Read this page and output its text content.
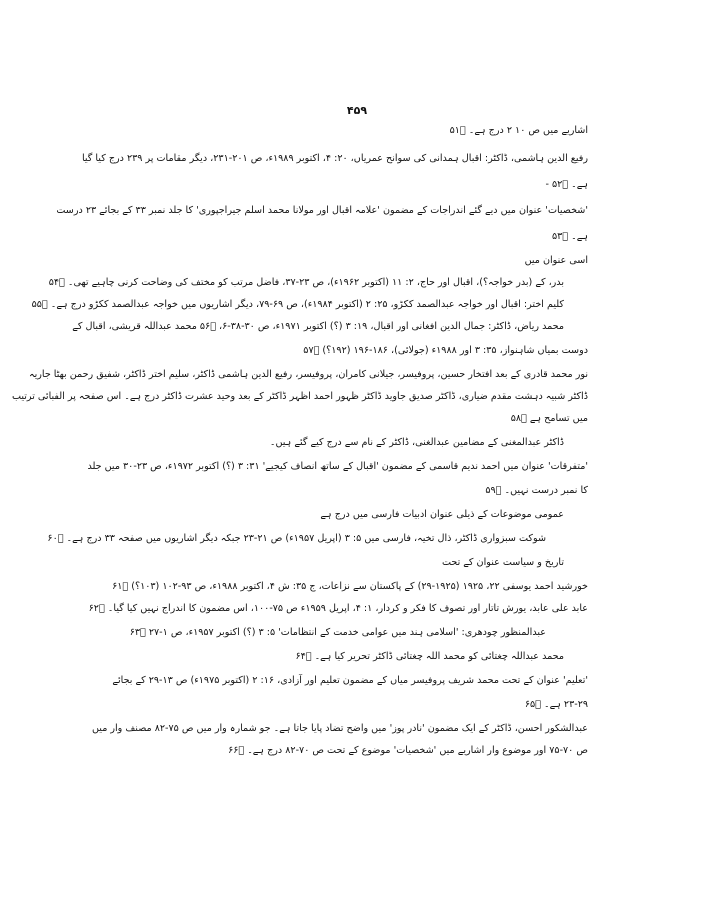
۴۵۹
اشاریے میں ص ۱۰ ۲ درج ہے۔ ۵۱ؔ
رفیع الدین ہاشمی، ڈاکٹر: اقبال ہمدانی کی سوانح عمریاں، ۲۰: ۴، اکتوبر ۱۹۸۹ء، ص ۲۰۱-۲۳۱، دیگر مقامات پر ۲۳۹ درج کیا گیا
ہے۔ ۵۲ؔ -
'شخصیات' عنوان میں دیے گئے اندراجات کے مضمون 'علامہ اقبال اور مولانا محمد اسلم جیراجپوری' کا جلد نمبر ۳۳ کے بجائے ۲۳ درست
ہے۔ ۵۳ؔ
اسی عنوان میں
بدر، کے (بدر خواجہ؟)، اقبال اور حاج، ۲: ۱۱ (اکتوبر ۱۹۶۲ء)، ص ۲۳-۳۷، فاضل مرتب کو مختف کی وضاحت کرنی چاہیے تھی۔ ۵۴ؔ
کلیم اختر: اقبال اور خواجہ عبدالصمد ککڑو، ۲۵: ۲ (اکتوبر ۱۹۸۴ء)، ص ۶۹-۷۹، دیگر اشاریوں میں خواجہ عبدالصمد ککڑو درج ہے۔ ۵۵ؔ
محمد ریاض، ڈاکٹر: جمال الدین افغانی اور اقبال، ۱۹: ۳ (؟) اکتوبر ۱۹۷۱ء، ص ۳۰-۳۸-۶، ۵۶ؔ محمد عبداللہ قریشی، اقبال کے
دوست بمیاں شاہنواز، ۳۵: ۳ اور ۱۹۸۸ء (جولائی)، ۱۸۶-۱۹۶ (۱۹۲؟) ۵۷ؔ
نور محمد قادری کے بعد افتخار حسین، پروفیسر، جیلانی کامران، پروفیسر، رفیع الدین ہاشمی ڈاکٹر، سلیم اختر ڈاکٹر، شفیق رحمن بھٹا جاریہ
ڈاکٹر شبیہ دہشت مقدم ضیاری، ڈاکٹر صدیق جاوید ڈاکٹر ظہور احمد اظہر ڈاکٹر کے بعد وحید عشرت ڈاکٹر درج ہے۔ اس صفحہ پر الفبائی ترتیب
میں تسامح ہے ۵۸ؔ
ڈاکٹر عبدالمغنی کے مضامین عبدالغنی، ڈاکٹر کے نام سے درج کیے گئے ہیں۔
'متفرقات' عنوان میں احمد ندیم قاسمی کے مضمون 'اقبال کے ساتھ انصاف کیجیے' ۳۱: ۳ (؟) اکتوبر ۱۹۷۲ء، ص ۲۳-۳۰ میں جلد
کا نمبر درست نہیں۔ ۵۹ؔ
عمومی موضوعات کے ذیلی عنوان ادبیات فارسی میں درج ہے
شوکت سبزواری ڈاکٹر، ذال تخیہ، فارسی میں ۵: ۳ (اپریل ۱۹۵۷ء) ص ۲۱-۲۳ جبکہ دیگر اشاریوں میں صفحہ ۳۳ درج ہے۔ ۶۰ؔ
تاریخ و سیاست عنوان کے تحت
خورشید احمد یوسفی ۲۲، ۱۹۲۵ (۱۹۲۵-۲۹) کے پاکستان سے نزاعات، ج ۳۵: ش ۴، اکتوبر ۱۹۸۸ء، ص ۹۳-۱۰۲ (۱۰۳؟) ۶۱ؔ
عابد علی عابد، یورش تاتار اور تصوف کا فکر و کردار، ۱: ۴، اپریل ۱۹۵۹ء ص ۷۵-۱۰۰، اس مضمون کا اندراج نہیں کیا گیا۔ ۶۲ؔ
عبدالمنظور چودھری: 'اسلامی ہند میں عوامی خدمت کے انتظامات' ۵: ۳ (؟) اکتوبر ۱۹۵۷ء، ص ۱-۲۷ ۶۳ؔ
محمد عبداللہ چغتائی کو محمد اللہ چغتائی ڈاکٹر تحریر کیا ہے۔ ۶۴ؔ
'تعلیم' عنوان کے تحت محمد شریف پروفیسر میاں کے مضمون تعلیم اور آزادی، ۱۶: ۲ (اکتوبر ۱۹۷۵ء) ص ۱۳-۲۹ کے بجائے
۲۳-۲۹ ہے۔ ۶۵ؔ
عبدالشکور احسن، ڈاکٹر کے ایک مضمون 'نادر پوز' میں واضح تضاد پایا جاتا ہے۔ جو شمارہ وار میں ص ۷۵-۸۲ مصنف وار میں
ص ۷۰-۷۵ اور موضوع وار اشاریے میں 'شخصیات' موضوع کے تحت ص ۷۰-۸۲ درج ہے۔ ۶۶ؔ
